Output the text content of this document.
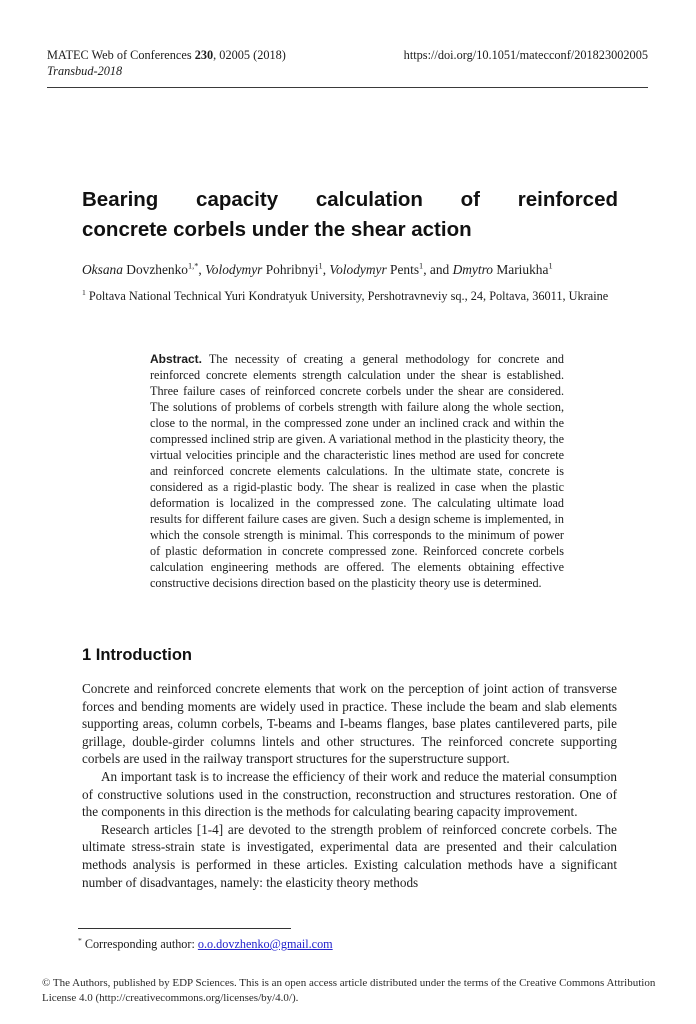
MATEC Web of Conferences 230, 02005 (2018)
Transbud-2018
https://doi.org/10.1051/matecconf/201823002005
Bearing capacity calculation of reinforced
concrete corbels under the shear action
Oksana Dovzhenko$^{1,*}$, Volodymyr Pohribnyi$^1$, Volodymyr Pents$^1$, and Dmytro Mariukha$^1$
$^1$ Poltava National Technical Yuri Kondratyuk University, Pershotravneviy sq., 24, Poltava, 36011, Ukraine
Abstract. The necessity of creating a general methodology for concrete and reinforced concrete elements strength calculation under the shear is established. Three failure cases of reinforced concrete corbels under the shear are considered. The solutions of problems of corbels strength with failure along the whole section, close to the normal, in the compressed zone under an inclined crack and within the compressed inclined strip are given. A variational method in the plasticity theory, the virtual velocities principle and the characteristic lines method are used for concrete and reinforced concrete elements calculations. In the ultimate state, concrete is considered as a rigid-plastic body. The shear is realized in case when the plastic deformation is localized in the compressed zone. The calculating ultimate load results for different failure cases are given. Such a design scheme is implemented, in which the console strength is minimal. This corresponds to the minimum of power of plastic deformation in concrete compressed zone. Reinforced concrete corbels calculation engineering methods are offered. The elements obtaining effective constructive decisions direction based on the plasticity theory use is determined.
1 Introduction

Concrete and reinforced concrete elements that work on the perception of joint action of transverse forces and bending moments are widely used in practice. These include the beam and slab elements supporting areas, column corbels, T-beams and I-beams flanges, base plates cantilevered parts, pile grillage, double-girder columns lintels and other structures. The reinforced concrete supporting corbels are used in the railway transport structures for the superstructure support.

An important task is to increase the efficiency of their work and reduce the material consumption of constructive solutions used in the construction, reconstruction and structures restoration. One of the components in this direction is the methods for calculating bearing capacity improvement.

Research articles [1-4] are devoted to the strength problem of reinforced concrete corbels. The ultimate stress-strain state is investigated, experimental data are presented and their calculation methods analysis is performed in these articles. Existing calculation methods have a significant number of disadvantages, namely: the elasticity theory methods

* Corresponding author: o.o.dovzhenko@gmail.com
© The Authors, published by EDP Sciences. This is an open access article distributed under the terms of the Creative Commons Attribution License 4.0 (http://creativecommons.org/licenses/by/4.0/).
